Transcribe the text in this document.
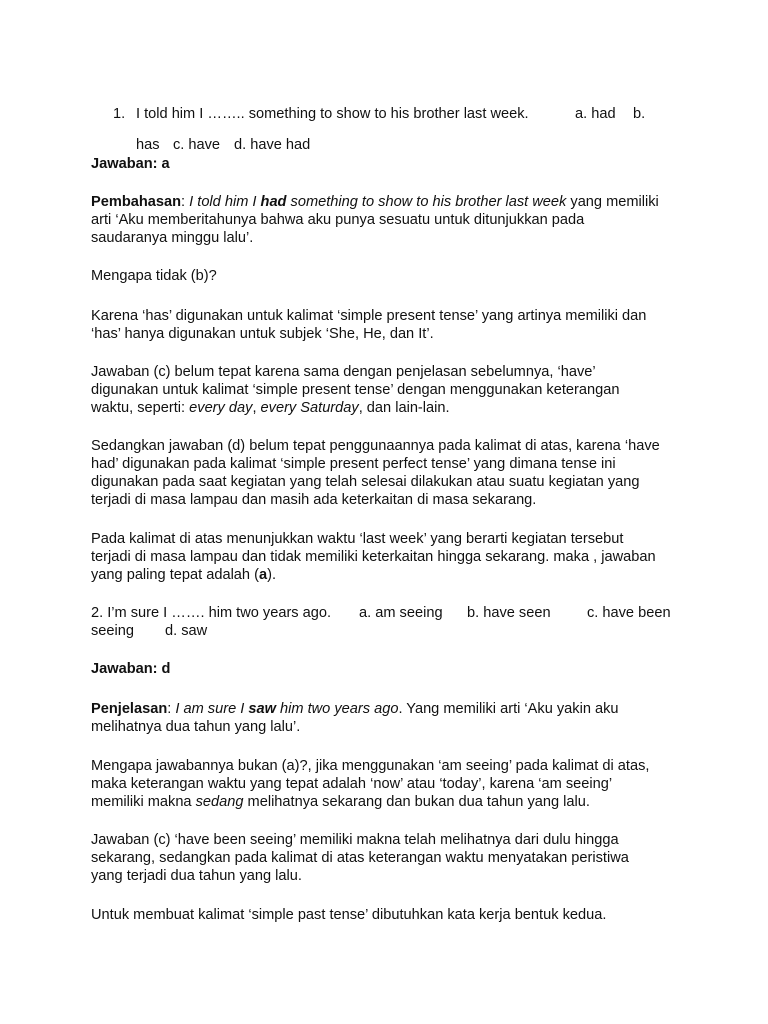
1. I told him I …….. something to show to his brother last week.	a. had b.
has c. have d. have had
Jawaban: a
Pembahasan: I told him I had something to show to his brother last week yang memiliki
arti ‘Aku memberitahunya bahwa aku punya sesuatu untuk ditunjukkan pada
saudaranya minggu lalu’.
Mengapa tidak (b)?
Karena ‘has’ digunakan untuk kalimat ‘simple present tense’ yang artinya memiliki dan
‘has’ hanya digunakan untuk subjek ‘She, He, dan It’.
Jawaban (c) belum tepat karena sama dengan penjelasan sebelumnya, ‘have’
digunakan untuk kalimat ‘simple present tense’ dengan menggunakan keterangan
waktu, seperti: every day, every Saturday, dan lain-lain.
Sedangkan jawaban (d) belum tepat penggunaannya pada kalimat di atas, karena ‘have
had’ digunakan pada kalimat ‘simple present perfect tense’ yang dimana tense ini
digunakan pada saat kegiatan yang telah selesai dilakukan atau suatu kegiatan yang
terjadi di masa lampau dan masih ada keterkaitan di masa sekarang.
Pada kalimat di atas menunjukkan waktu ‘last week’ yang berarti kegiatan tersebut
terjadi di masa lampau dan tidak memiliki keterkaitan hingga sekarang. maka , jawaban
yang paling tepat adalah (a).
2. I’m sure I ……. him two years ago. a. am seeing b. have seen c. have been
seeing d. saw
Jawaban: d
Penjelasan: I am sure I saw him two years ago. Yang memiliki arti ‘Aku yakin aku
melihatnya dua tahun yang lalu’.
Mengapa jawabannya bukan (a)?, jika menggunakan ‘am seeing’ pada kalimat di atas,
maka keterangan waktu yang tepat adalah ‘now’ atau ‘today’, karena ‘am seeing’
memiliki makna sedang melihatnya sekarang dan bukan dua tahun yang lalu.
Jawaban (c) ‘have been seeing’ memiliki makna telah melihatnya dari dulu hingga
sekarang, sedangkan pada kalimat di atas keterangan waktu menyatakan peristiwa
yang terjadi dua tahun yang lalu.
Untuk membuat kalimat ‘simple past tense’ dibutuhkan kata kerja bentuk kedua.
